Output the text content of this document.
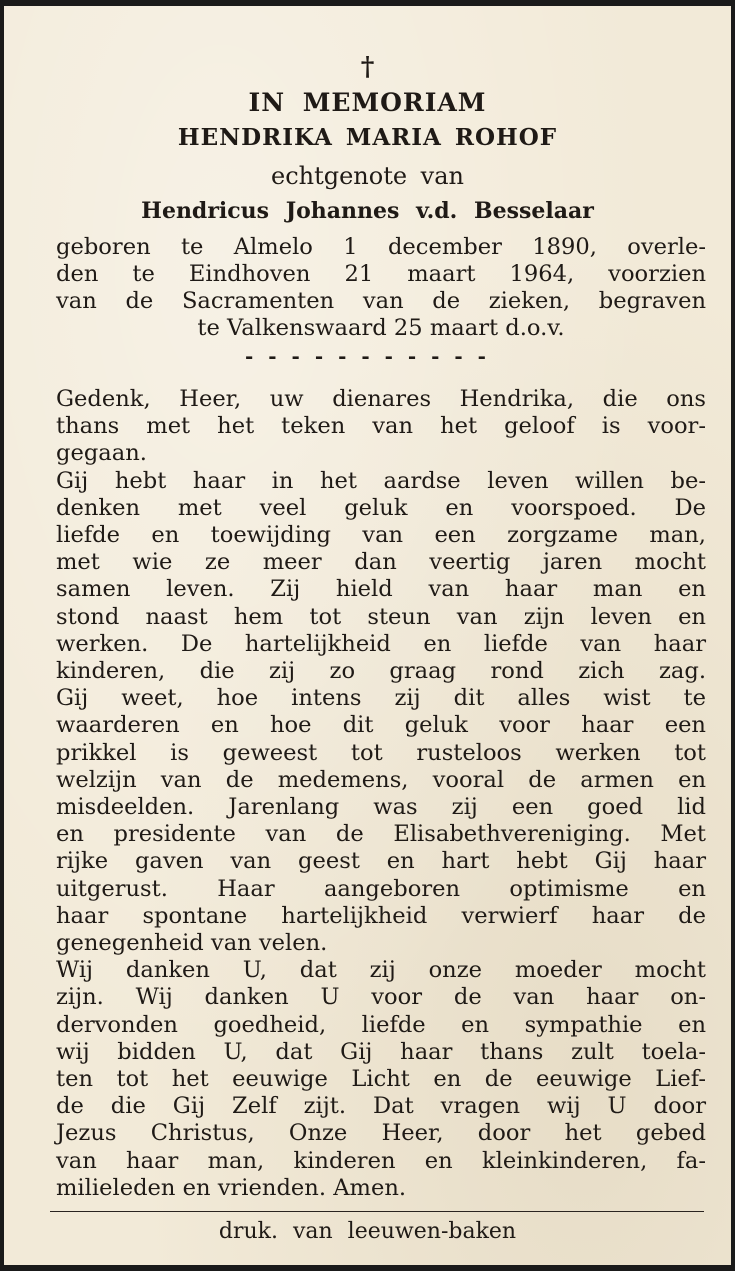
†
IN MEMORIAM
HENDRIKA MARIA ROHOF
echtgenote van
Hendricus Johannes v.d. Besselaar
geboren te Almelo 1 december 1890, overle-
den te Eindhoven 21 maart 1964, voorzien
van de Sacramenten van de zieken, begraven
te Valkenswaard 25 maart d.o.v.
- - - - - - - - - - -
Gedenk, Heer, uw dienares Hendrika, die ons
thans met het teken van het geloof is voor-
gegaan.
Gij hebt haar in het aardse leven willen be-
denken met veel geluk en voorspoed. De
liefde en toewijding van een zorgzame man,
met wie ze meer dan veertig jaren mocht
samen leven. Zij hield van haar man en
stond naast hem tot steun van zijn leven en
werken. De hartelijkheid en liefde van haar
kinderen, die zij zo graag rond zich zag.
Gij weet, hoe intens zij dit alles wist te
waarderen en hoe dit geluk voor haar een
prikkel is geweest tot rusteloos werken tot
welzijn van de medemens, vooral de armen en
misdeelden. Jarenlang was zij een goed lid
en presidente van de Elisabethvereniging. Met
rijke gaven van geest en hart hebt Gij haar
uitgerust. Haar aangeboren optimisme en
haar spontane hartelijkheid verwierf haar de
genegenheid van velen.
Wij danken U, dat zij onze moeder mocht
zijn. Wij danken U voor de van haar on-
dervonden goedheid, liefde en sympathie en
wij bidden U, dat Gij haar thans zult toela-
ten tot het eeuwige Licht en de eeuwige Lief-
de die Gij Zelf zijt. Dat vragen wij U door
Jezus Christus, Onze Heer, door het gebed
van haar man, kinderen en kleinkinderen, fa-
milieleden en vrienden. Amen.
druk. van leeuwen-baken
